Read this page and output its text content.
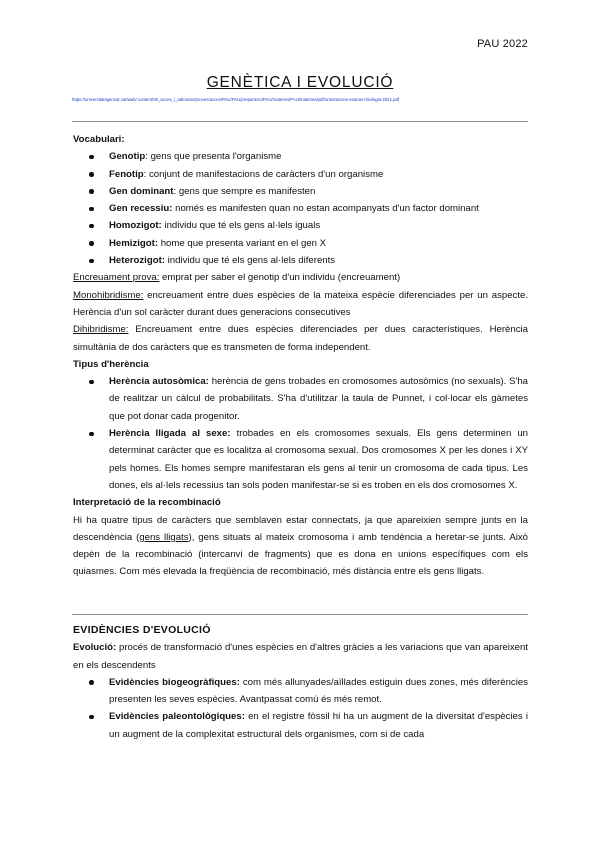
PAU 2022
GENÈTICA I EVOLUCIÓ
https://universitatsgencat.cat/web/.content/05_acces_i_admissio/proves/acces/PAU/PAU/preparacio/PAU/materies/PAU/materies/pdf/orientacions-examen-biologia-2021.pdf

Vocabulari:

Genotip: gens que presenta l'organisme
Fenotip: conjunt de manifestacions de caràcters d'un organisme
Gen dominant: gens que sempre es manifesten
Gen recessiu: només es manifesten quan no estan acompanyats d'un factor dominant
Homozigot: individu que té els gens al·lels iguals
Hemizigot: home que presenta variant en el gen X
Heterozigot: individu que té els gens al·lels diferents

Encreuament prova: emprat per saber el genotip d'un individu (encreuament)

Monohibridisme: encreuament entre dues espècies de la mateixa espècie diferenciades per un aspecte. Herència d'un sol caràcter durant dues generacions consecutives

Dihibridisme: Encreuament entre dues espècies diferenciades per dues característiques. Herència simultània de dos caràcters que es transmeten de forma independent.

Tipus d'herència

Herència autosòmica: herència de gens trobades en cromosomes autosòmics (no sexuals). S'ha de realitzar un càlcul de probabilitats. S'ha d'utilitzar la taula de Punnet, i col·locar els gàmetes que pot donar cada progenitor.
Herència lligada al sexe: trobades en els cromosomes sexuals. Els gens determinen un determinat caràcter que es localitza al cromosoma sexual. Dos cromosomes X per les dones i XY pels homes. Els homes sempre manifestaran els gens al tenir un cromosoma de cada tipus. Les dones, els al·lels recessius tan sols poden manifestar-se si es troben en els dos cromosomes X.

Interpretació de la recombinació

Hi ha quatre tipus de caràcters que semblaven estar connectats, ja que apareixien sempre junts en la descendència (gens lligats), gens situats al mateix cromosoma i amb tendència a heretar-se junts. Això depèn de la recombinació (intercanvi de fragments) que es dona en unions específiques com els quiasmes. Com més elevada la freqüència de recombinació, més distància entre els gens lligats.

EVIDÈNCIES D'EVOLUCIÓ

Evolució: procés de transformació d'unes espècies en d'altres gràcies a les variacions que van apareixent en els descendents

Evidències biogeogràfiques: com més allunyades/aïllades estiguin dues zones, més diferències presenten les seves espècies. Avantpassat comú és més remot.
Evidències paleontològiques: en el registre fòssil hi ha un augment de la diversitat d'espècies i un augment de la complexitat estructural dels organismes, com si de cada
